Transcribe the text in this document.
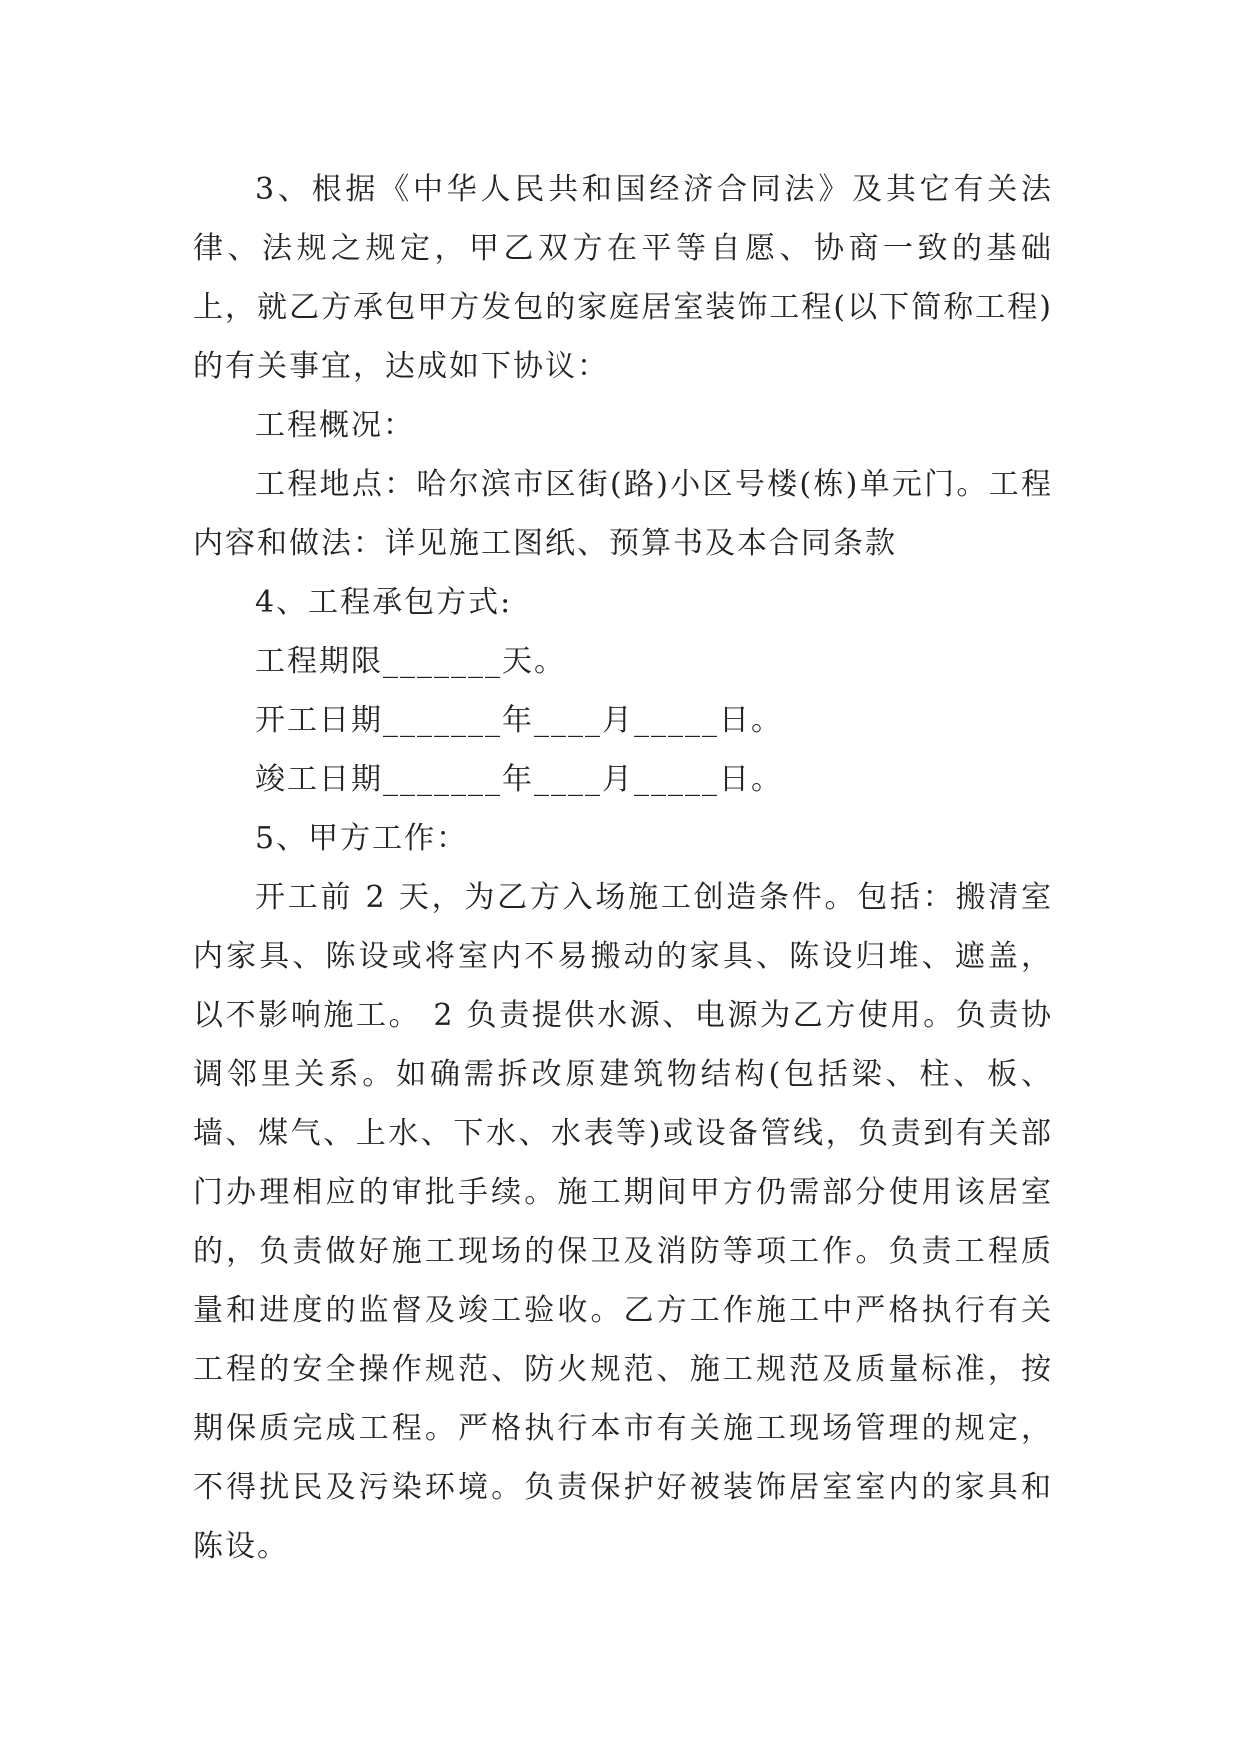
3、根据《中华人民共和国经济合同法》及其它有关法律、法规之规定，甲乙双方在平等自愿、协商一致的基础上，就乙方承包甲方发包的家庭居室装饰工程(以下简称工程)的有关事宜，达成如下协议：

工程概况：

工程地点：哈尔滨市区街(路)小区号楼(栋)单元门。工程内容和做法：详见施工图纸、预算书及本合同条款

4、工程承包方式:

工程期限_______天。

开工日期_______年____月_____日。

竣工日期_______年____月_____日。

5、甲方工作：

开工前 2 天，为乙方入场施工创造条件。包括：搬清室内家具、陈设或将室内不易搬动的家具、陈设归堆、遮盖，以不影响施工。 2 负责提供水源、电源为乙方使用。负责协调邻里关系。如确需拆改原建筑物结构(包括梁、柱、板、墙、煤气、上水、下水、水表等)或设备管线，负责到有关部门办理相应的审批手续。施工期间甲方仍需部分使用该居室的，负责做好施工现场的保卫及消防等项工作。负责工程质量和进度的监督及竣工验收。乙方工作施工中严格执行有关工程的安全操作规范、防火规范、施工规范及质量标准，按期保质完成工程。严格执行本市有关施工现场管理的规定，不得扰民及污染环境。负责保护好被装饰居室室内的家具和陈设。
